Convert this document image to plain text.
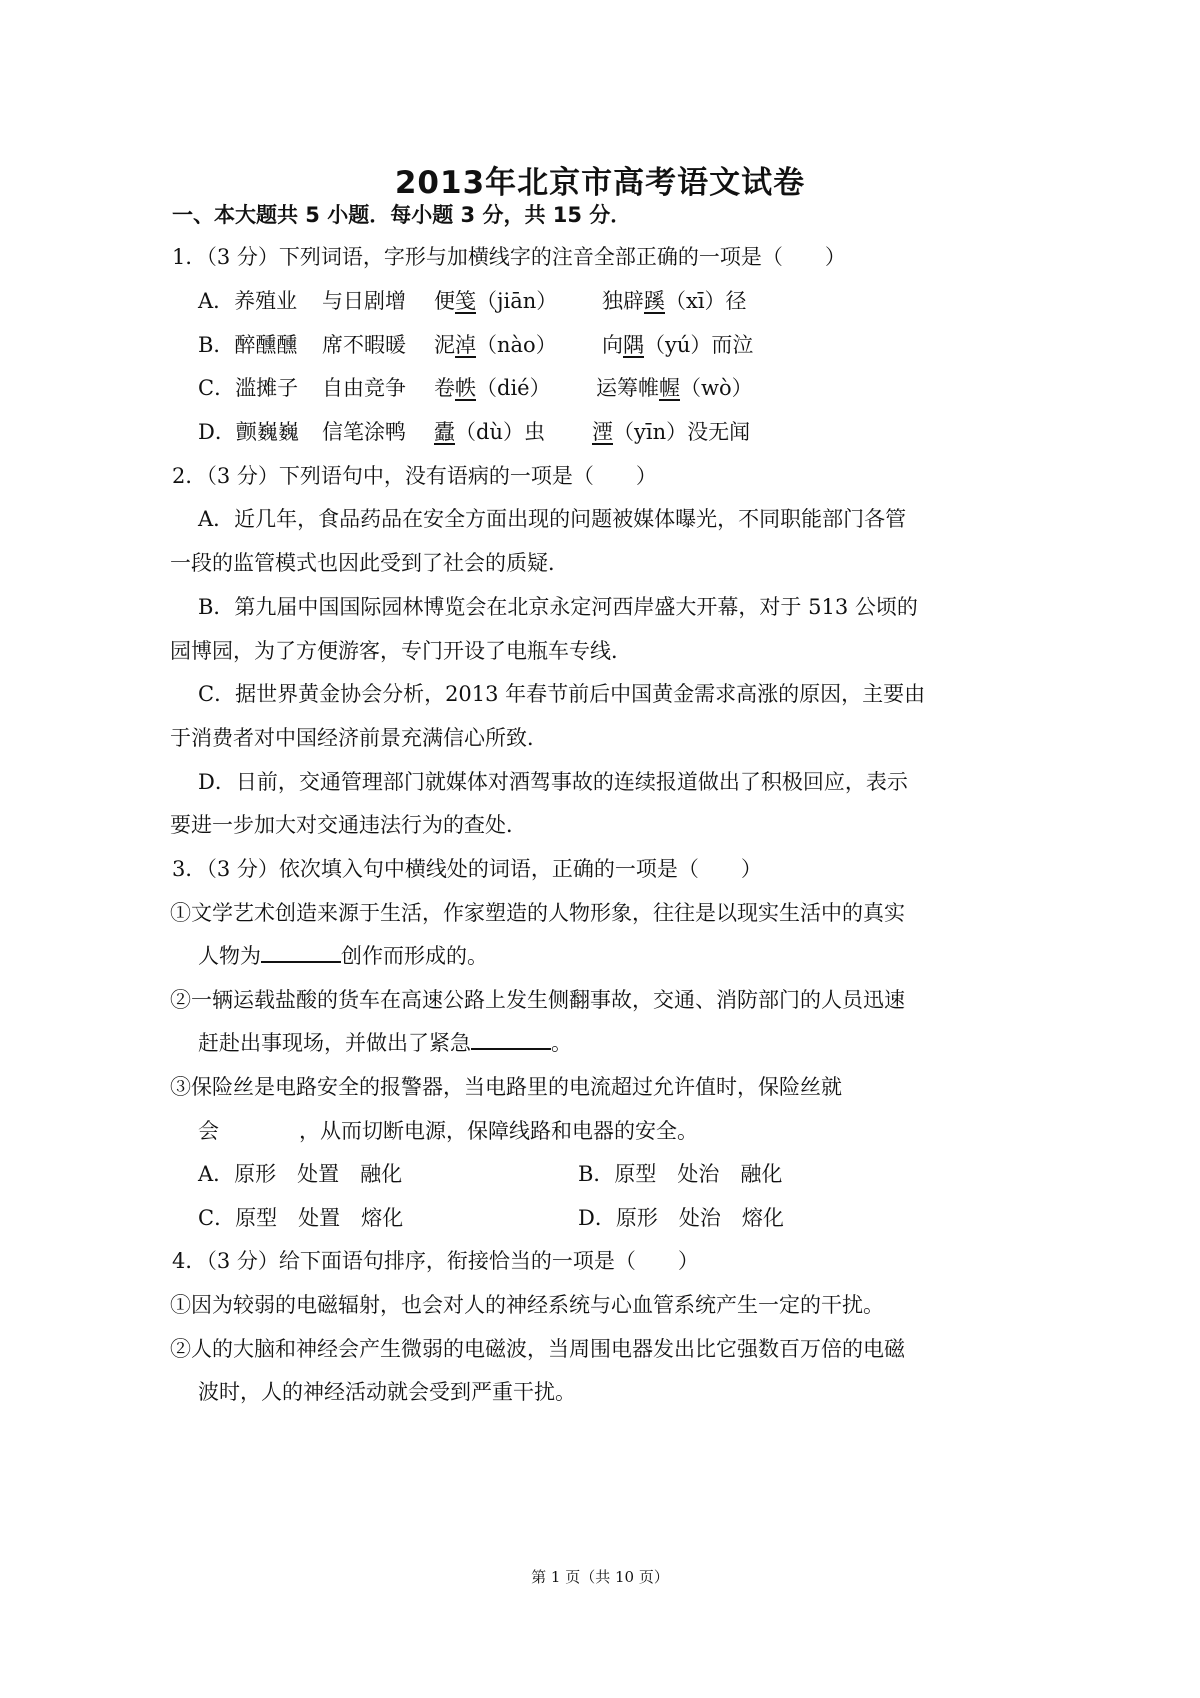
2013年北京市高考语文试卷
一、本大题共 5 小题．每小题 3 分，共 15 分．
1．（3 分）下列词语，字形与加横线字的注音全部正确的一项是（　　）
A．养殖业 与日剧增 便笺（jiān） 独辟蹊（xī）径
B．醉醺醺 席不暇暖 泥淖（nào） 向隅（yú）而泣
C．滥摊子 自由竞争 卷帙（dié） 运筹帷幄（wò）
D．颤巍巍 信笔涂鸭 蠹（dù）虫 湮（yīn）没无闻
2．（3 分）下列语句中，没有语病的一项是（　　）
A．近几年，食品药品在安全方面出现的问题被媒体曝光，不同职能部门各管
一段的监管模式也因此受到了社会的质疑．
B．第九届中国国际园林博览会在北京永定河西岸盛大开幕，对于 513 公顷的
园博园，为了方便游客，专门开设了电瓶车专线．
C．据世界黄金协会分析，2013 年春节前后中国黄金需求高涨的原因，主要由
于消费者对中国经济前景充满信心所致．
D．日前，交通管理部门就媒体对酒驾事故的连续报道做出了积极回应，表示
要进一步加大对交通违法行为的查处．
3．（3 分）依次填入句中横线处的词语，正确的一项是（　　）
①文学艺术创造来源于生活，作家塑造的人物形象，往往是以现实生活中的真实
人物为	创作而形成的。
②一辆运载盐酸的货车在高速公路上发生侧翻事故，交通、消防部门的人员迅速
赶赴出事现场，并做出了紧急	。
③保险丝是电路安全的报警器，当电路里的电流超过允许值时，保险丝就
会	，从而切断电源，保障线路和电器的安全。
A．原形　处置　融化	B．原型　处治　融化
C．原型　处置　熔化	D．原形　处治　熔化
4．（3 分）给下面语句排序，衔接恰当的一项是（　　）
①因为较弱的电磁辐射，也会对人的神经系统与心血管系统产生一定的干扰。
②人的大脑和神经会产生微弱的电磁波，当周围电器发出比它强数百万倍的电磁
波时，人的神经活动就会受到严重干扰。
第 1 页（共 10 页）
